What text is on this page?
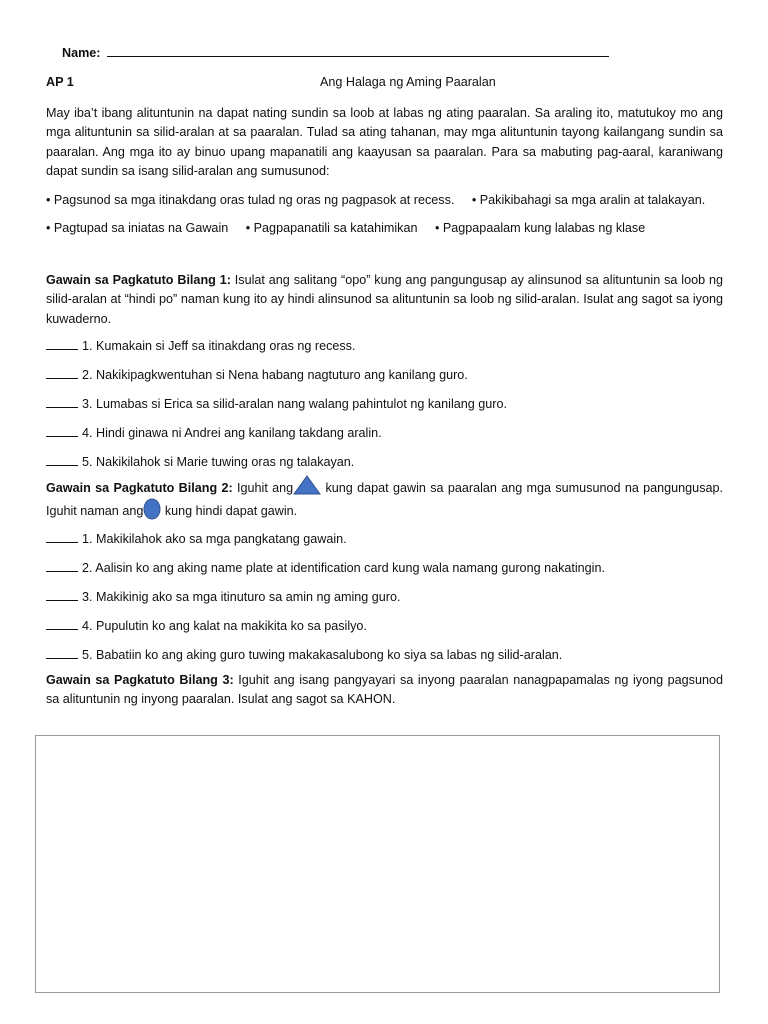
Name:
AP 1	Ang Halaga ng Aming Paaralan

May iba’t ibang alituntunin na dapat nating sundin sa loob at labas ng ating paaralan. Sa araling ito, matutukoy mo ang mga alituntunin sa silid-aralan at sa paaralan. Tulad sa ating tahanan, may mga alituntunin tayong kailangang sundin sa paaralan. Ang mga ito ay binuo upang mapanatili ang kaayusan sa paaralan. Para sa mabuting pag-aaral, karaniwang dapat sundin sa isang silid-aralan ang sumusunod:

• Pagsunod sa mga itinakdang oras tulad ng oras ng pagpasok at recess. • Pakikibahagi sa mga aralin at talakayan.
• Pagtupad sa iniatas na Gawain • Pagpapanatili sa katahimikan • Pagpapaalam kung lalabas ng klase

Gawain sa Pagkatuto Bilang 1: Isulat ang salitang “opo” kung ang pangungusap ay alinsunod sa alituntunin sa loob ng silid-aralan at “hindi po” naman kung ito ay hindi alinsunod sa alituntunin sa loob ng silid-aralan. Isulat ang sagot sa iyong kuwaderno.

1. Kumakain si Jeff sa itinakdang oras ng recess.
2. Nakikipagkwentuhan si Nena habang nagtuturo ang kanilang guro.
3. Lumabas si Erica sa silid-aralan nang walang pahintulot ng kanilang guro.
4. Hindi ginawa ni Andrei ang kanilang takdang aralin.
5. Nakikilahok si Marie tuwing oras ng talakayan.

Gawain sa Pagkatuto Bilang 2: Iguhit ang kung dapat gawin sa paaralan ang mga sumusunod na pangungusap. Iguhit naman ang kung hindi dapat gawin.

1. Makikilahok ako sa mga pangkatang gawain.
2. Aalisin ko ang aking name plate at identification card kung wala namang gurong nakatingin.
3. Makikinig ako sa mga itinuturo sa amin ng aming guro.
4. Pupulutin ko ang kalat na makikita ko sa pasilyo.
5. Babatiin ko ang aking guro tuwing makakasalubong ko siya sa labas ng silid-aralan.

Gawain sa Pagkatuto Bilang 3: Iguhit ang isang pangyayari sa inyong paaralan nanagpapamalas ng iyong pagsunod sa alituntunin ng inyong paaralan. Isulat ang sagot sa KAHON.
